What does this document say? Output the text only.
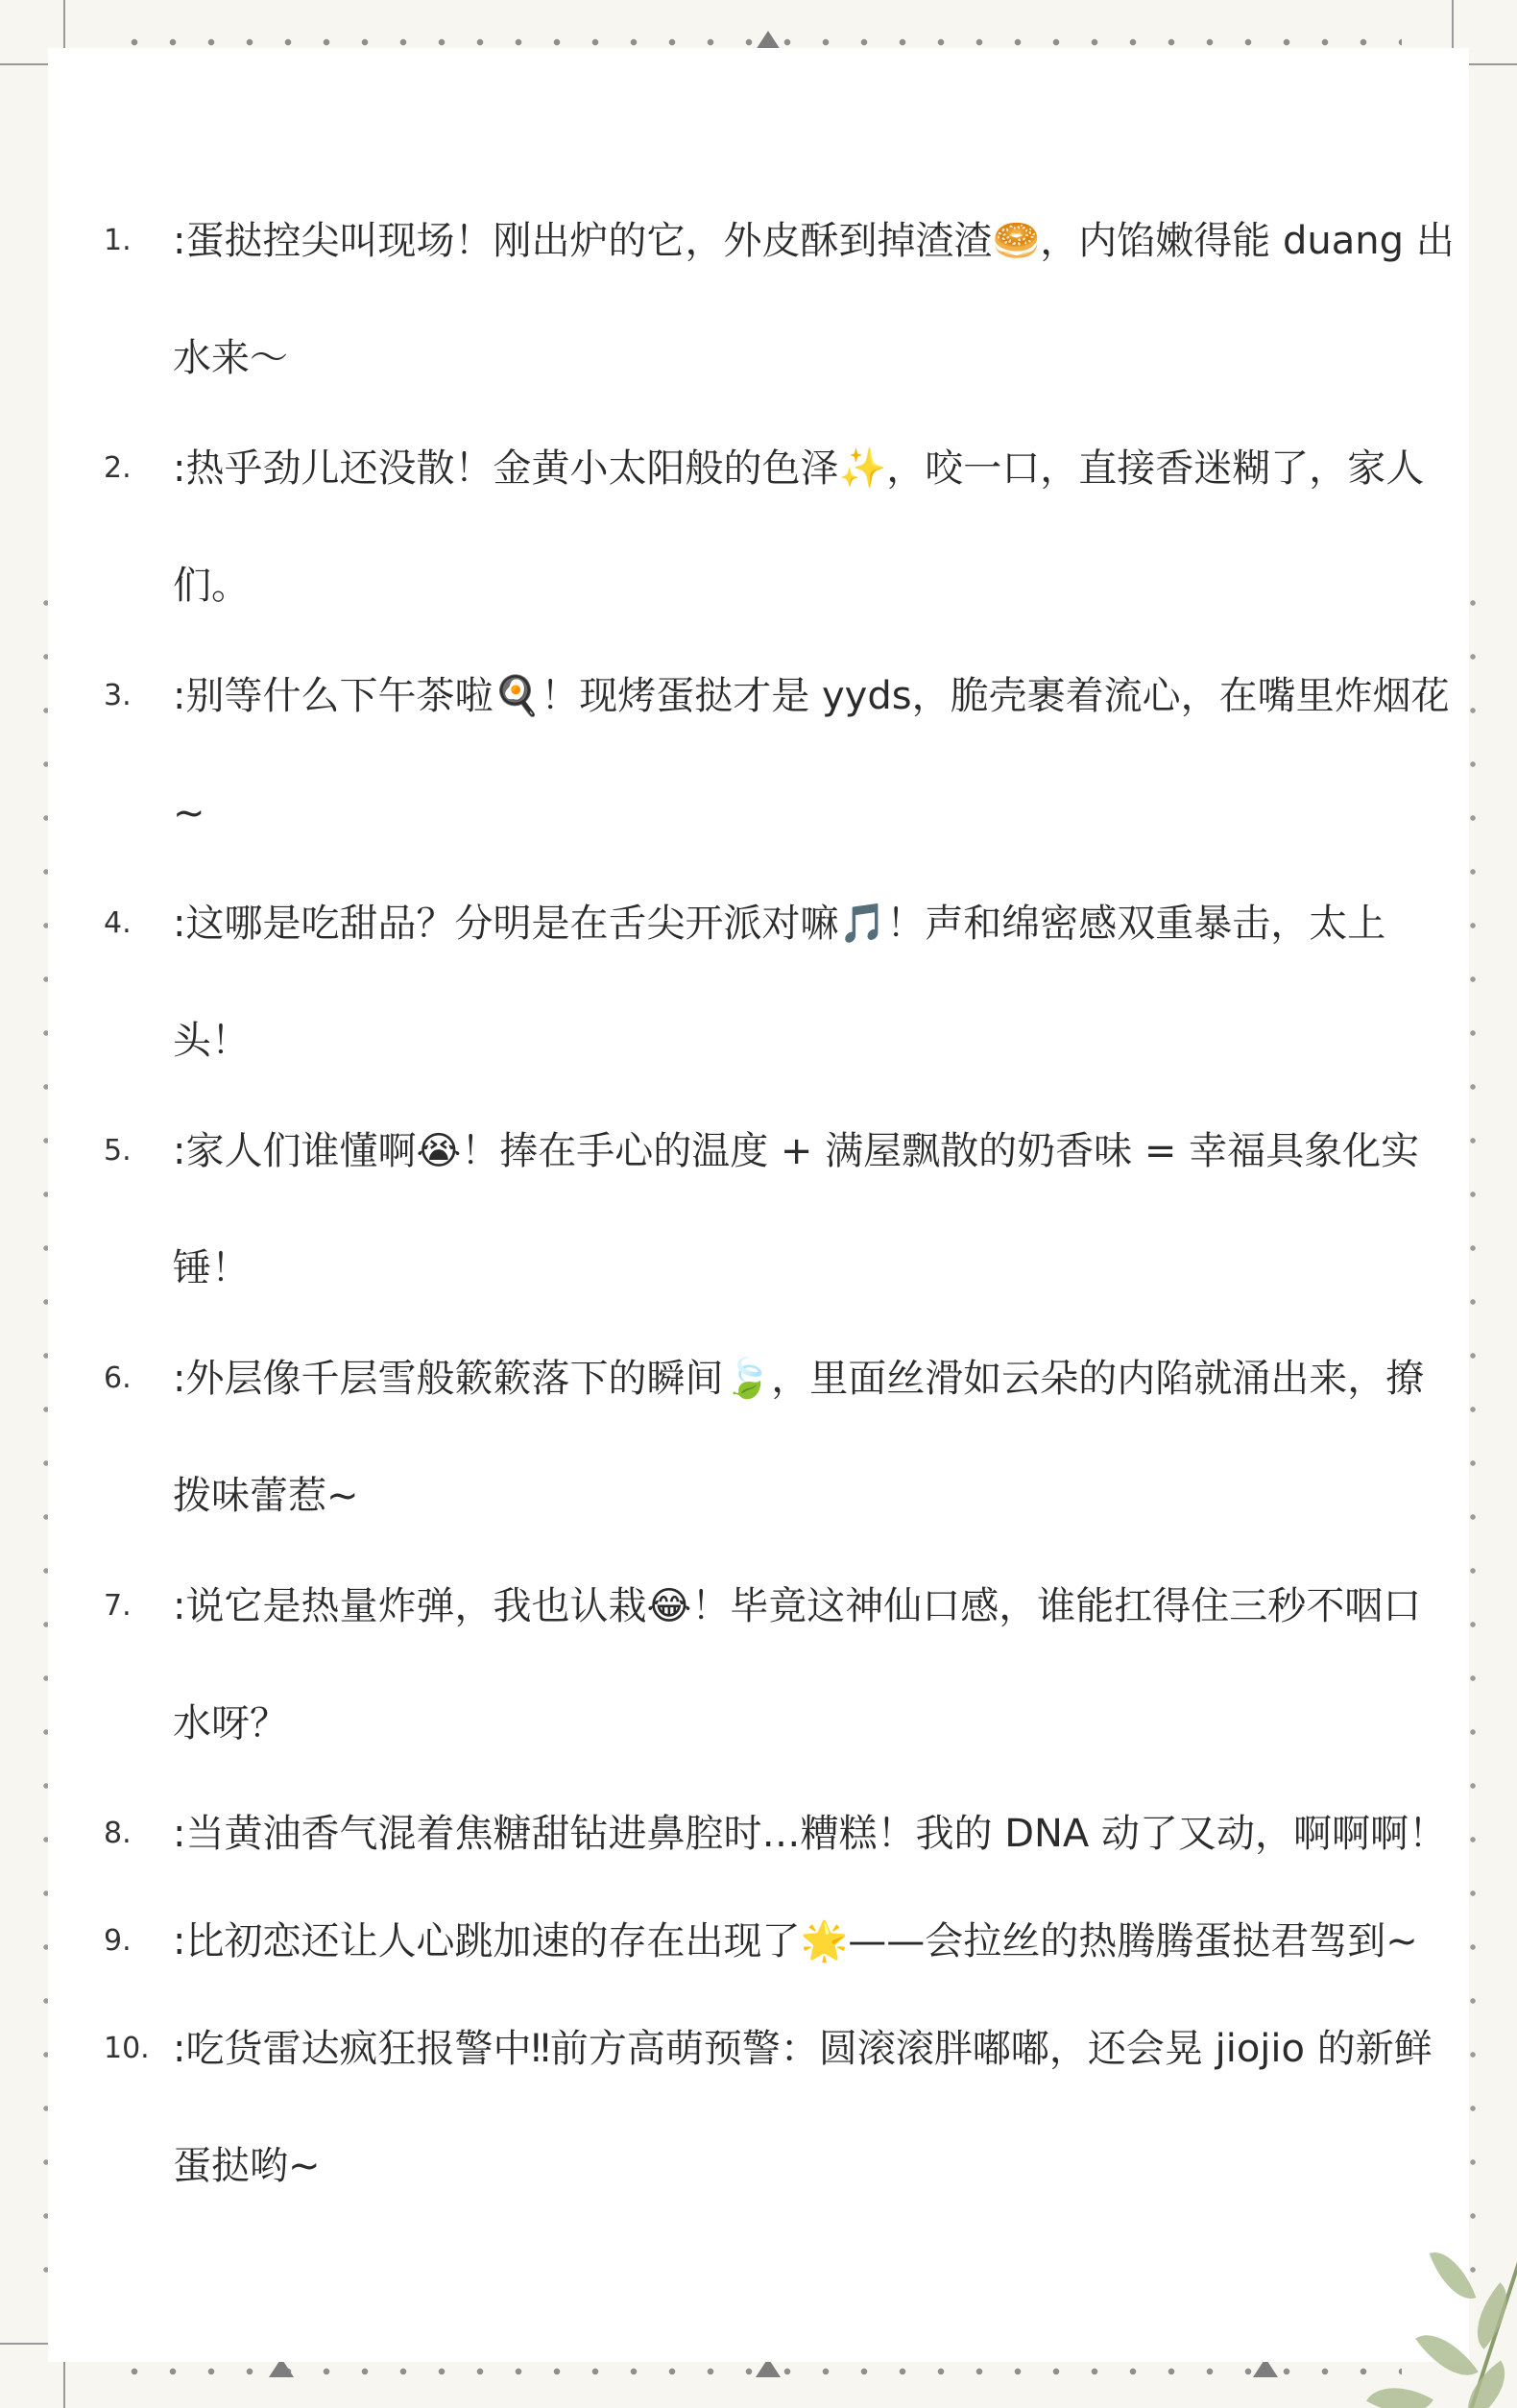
1. :蛋挞控尖叫现场！刚出炉的它，外皮酥到掉渣渣🥯，内馅嫩得能 duang 出水来～
2. :热乎劲儿还没散！金黄小太阳般的色泽✨，咬一口，直接香迷糊了，家人们。
3. :别等什么下午茶啦🍳！现烤蛋挞才是 yyds，脆壳裹着流心，在嘴里炸烟花~
4. :这哪是吃甜品？分明是在舌尖开派对嘛🎵！声和绵密感双重暴击，太上头！
5. :家人们谁懂啊😭！捧在手心的温度 + 满屋飘散的奶香味 = 幸福具象化实锤！
6. :外层像千层雪般簌簌落下的瞬间🍃，里面丝滑如云朵的内陷就涌出来，撩拨味蕾惹~
7. :说它是热量炸弹，我也认栽😂！毕竟这神仙口感，谁能扛得住三秒不咽口水呀？
8. :当黄油香气混着焦糖甜钻进鼻腔时…糟糕！我的 DNA 动了又动，啊啊啊！
9. :比初恋还让人心跳加速的存在出现了🌟——会拉丝的热腾腾蛋挞君驾到~
10. :吃货雷达疯狂报警中‼前方高萌预警：圆滚滚胖嘟嘟，还会晃 jiojio 的新鲜蛋挞哟~
